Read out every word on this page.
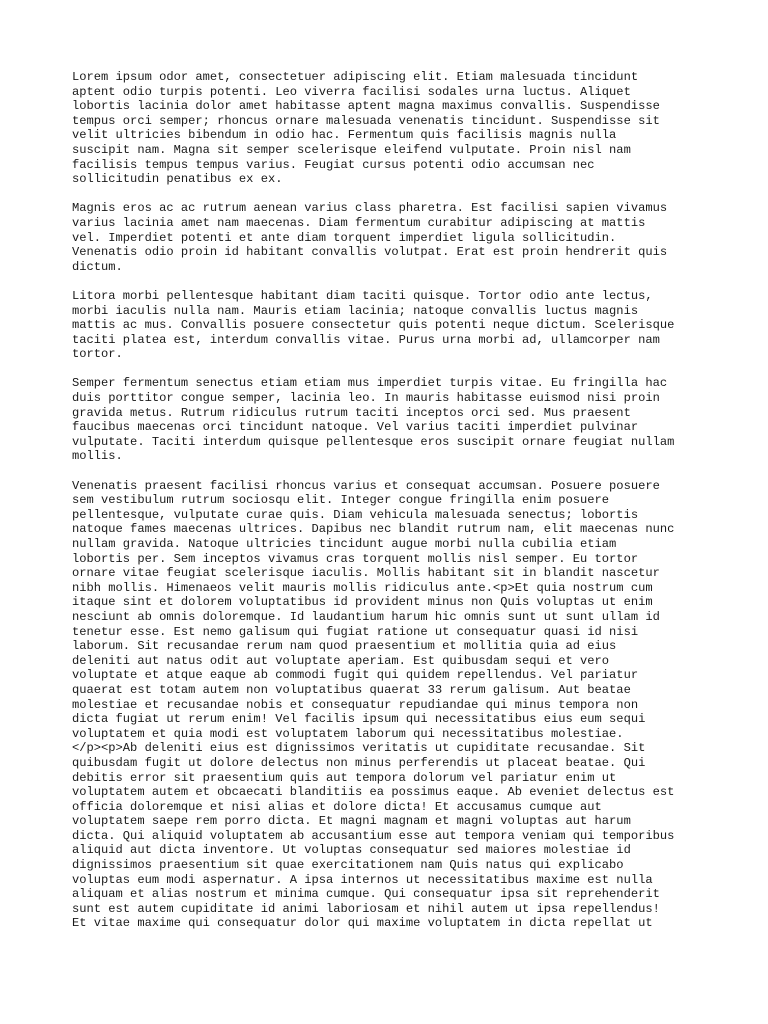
Lorem ipsum odor amet, consectetuer adipiscing elit. Etiam malesuada tincidunt
aptent odio turpis potenti. Leo viverra facilisi sodales urna luctus. Aliquet
lobortis lacinia dolor amet habitasse aptent magna maximus convallis. Suspendisse
tempus orci semper; rhoncus ornare malesuada venenatis tincidunt. Suspendisse sit
velit ultricies bibendum in odio hac. Fermentum quis facilisis magnis nulla
suscipit nam. Magna sit semper scelerisque eleifend vulputate. Proin nisl nam
facilisis tempus tempus varius. Feugiat cursus potenti odio accumsan nec
sollicitudin penatibus ex ex.

Magnis eros ac ac rutrum aenean varius class pharetra. Est facilisi sapien vivamus
varius lacinia amet nam maecenas. Diam fermentum curabitur adipiscing at mattis
vel. Imperdiet potenti et ante diam torquent imperdiet ligula sollicitudin.
Venenatis odio proin id habitant convallis volutpat. Erat est proin hendrerit quis
dictum.

Litora morbi pellentesque habitant diam taciti quisque. Tortor odio ante lectus,
morbi iaculis nulla nam. Mauris etiam lacinia; natoque convallis luctus magnis
mattis ac mus. Convallis posuere consectetur quis potenti neque dictum. Scelerisque
taciti platea est, interdum convallis vitae. Purus urna morbi ad, ullamcorper nam
tortor.

Semper fermentum senectus etiam etiam mus imperdiet turpis vitae. Eu fringilla hac
duis porttitor congue semper, lacinia leo. In mauris habitasse euismod nisi proin
gravida metus. Rutrum ridiculus rutrum taciti inceptos orci sed. Mus praesent
faucibus maecenas orci tincidunt natoque. Vel varius taciti imperdiet pulvinar
vulputate. Taciti interdum quisque pellentesque eros suscipit ornare feugiat nullam
mollis.

Venenatis praesent facilisi rhoncus varius et consequat accumsan. Posuere posuere
sem vestibulum rutrum sociosqu elit. Integer congue fringilla enim posuere
pellentesque, vulputate curae quis. Diam vehicula malesuada senectus; lobortis
natoque fames maecenas ultrices. Dapibus nec blandit rutrum nam, elit maecenas nunc
nullam gravida. Natoque ultricies tincidunt augue morbi nulla cubilia etiam
lobortis per. Sem inceptos vivamus cras torquent mollis nisl semper. Eu tortor
ornare vitae feugiat scelerisque iaculis. Mollis habitant sit in blandit nascetur
nibh mollis. Himenaeos velit mauris mollis ridiculus ante.<p>Et quia nostrum cum
itaque sint et dolorem voluptatibus id provident minus non Quis voluptas ut enim
nesciunt ab omnis doloremque. Id laudantium harum hic omnis sunt ut sunt ullam id
tenetur esse. Est nemo galisum qui fugiat ratione ut consequatur quasi id nisi
laborum. Sit recusandae rerum nam quod praesentium et mollitia quia ad eius
deleniti aut natus odit aut voluptate aperiam. Est quibusdam sequi et vero
voluptate et atque eaque ab commodi fugit qui quidem repellendus. Vel pariatur
quaerat est totam autem non voluptatibus quaerat 33 rerum galisum. Aut beatae
molestiae et recusandae nobis et consequatur repudiandae qui minus tempora non
dicta fugiat ut rerum enim! Vel facilis ipsum qui necessitatibus eius eum sequi
voluptatem et quia modi est voluptatem laborum qui necessitatibus molestiae.
</p><p>Ab deleniti eius est dignissimos veritatis ut cupiditate recusandae. Sit
quibusdam fugit ut dolore delectus non minus perferendis ut placeat beatae. Qui
debitis error sit praesentium quis aut tempora dolorum vel pariatur enim ut
voluptatem autem et obcaecati blanditiis ea possimus eaque. Ab eveniet delectus est
officia doloremque et nisi alias et dolore dicta! Et accusamus cumque aut
voluptatem saepe rem porro dicta. Et magni magnam et magni voluptas aut harum
dicta. Qui aliquid voluptatem ab accusantium esse aut tempora veniam qui temporibus
aliquid aut dicta inventore. Ut voluptas consequatur sed maiores molestiae id
dignissimos praesentium sit quae exercitationem nam Quis natus qui explicabo
voluptas eum modi aspernatur. A ipsa internos ut necessitatibus maxime est nulla
aliquam et alias nostrum et minima cumque. Qui consequatur ipsa sit reprehenderit
sunt est autem cupiditate id animi laboriosam et nihil autem ut ipsa repellendus!
Et vitae maxime qui consequatur dolor qui maxime voluptatem in dicta repellat ut
